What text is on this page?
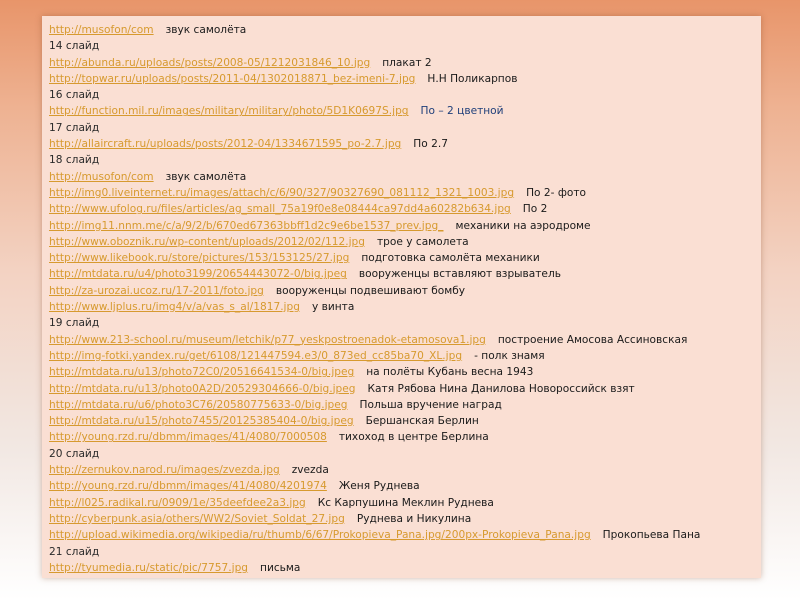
http://musofon/com звук самолёта
14 слайд
http://abunda.ru/uploads/posts/2008-05/1212031846_10.jpg плакат 2
http://topwar.ru/uploads/posts/2011-04/1302018871_bez-imeni-7.jpg Н.Н Поликарпов
16 слайд
http://function.mil.ru/images/military/military/photo/5D1K0697S.jpg По – 2 цветной
17 слайд
http://allaircraft.ru/uploads/posts/2012-04/1334671595_po-2.7.jpg По 2.7
18 слайд
http://musofon/com звук самолёта
http://img0.liveinternet.ru/images/attach/c/6/90/327/90327690_081112_1321_1003.jpg По 2- фото
http://www.ufolog.ru/files/articles/ag_small_75a19f0e8e08444ca97dd4a60282b634.jpg По 2
http://img11.nnm.me/c/a/9/2/b/670ed67363bbff1d2c9e6be1537_prev.jpg_ механики на аэродроме
http://www.oboznik.ru/wp-content/uploads/2012/02/112.jpg трое у самолета
http://www.likebook.ru/store/pictures/153/153125/27.jpg подготовка самолёта механики
http://mtdata.ru/u4/photo3199/20654443072-0/big.jpeg вооруженцы вставляют взрыватель
http://za-urozai.ucoz.ru/17-2011/foto.jpg вооруженцы подвешивают бомбу
http://www.ljplus.ru/img4/v/a/vas_s_al/1817.jpg у винта
19 слайд
http://www.213-school.ru/museum/letchik/p77_yeskpostroenadok-etamosova1.jpg построение Амосова Ассиновская
http://img-fotki.yandex.ru/get/6108/121447594.e3/0_873ed_cc85ba70_XL.jpg - полк знамя
http://mtdata.ru/u13/photo72C0/20516641534-0/big.jpeg на полёты Кубань весна 1943
http://mtdata.ru/u13/photo0A2D/20529304666-0/big.jpeg Катя Рябова Нина Данилова Новороссийск взят
http://mtdata.ru/u6/photo3C76/20580775633-0/big.jpeg Польша вручение наград
http://mtdata.ru/u15/photo7455/20125385404-0/big.jpeg Бершанская Берлин
http://young.rzd.ru/dbmm/images/41/4080/7000508 тихоход в центре Берлина
20 слайд
http://zernukov.narod.ru/images/zvezda.jpg zvezda
http://young.rzd.ru/dbmm/images/41/4080/4201974 Женя Руднева
http://l025.radikal.ru/0909/1e/35deefdee2a3.jpg Кс Карпушина Меклин Руднева
http://cyberpunk.asia/others/WW2/Soviet_Soldat_27.jpg Руднева и Никулина
http://upload.wikimedia.org/wikipedia/ru/thumb/6/67/Prokopieva_Pana.jpg/200px-Prokopieva_Pana.jpg Прокопьева Пана
21 слайд
http://tyumedia.ru/static/pic/7757.jpg письма
